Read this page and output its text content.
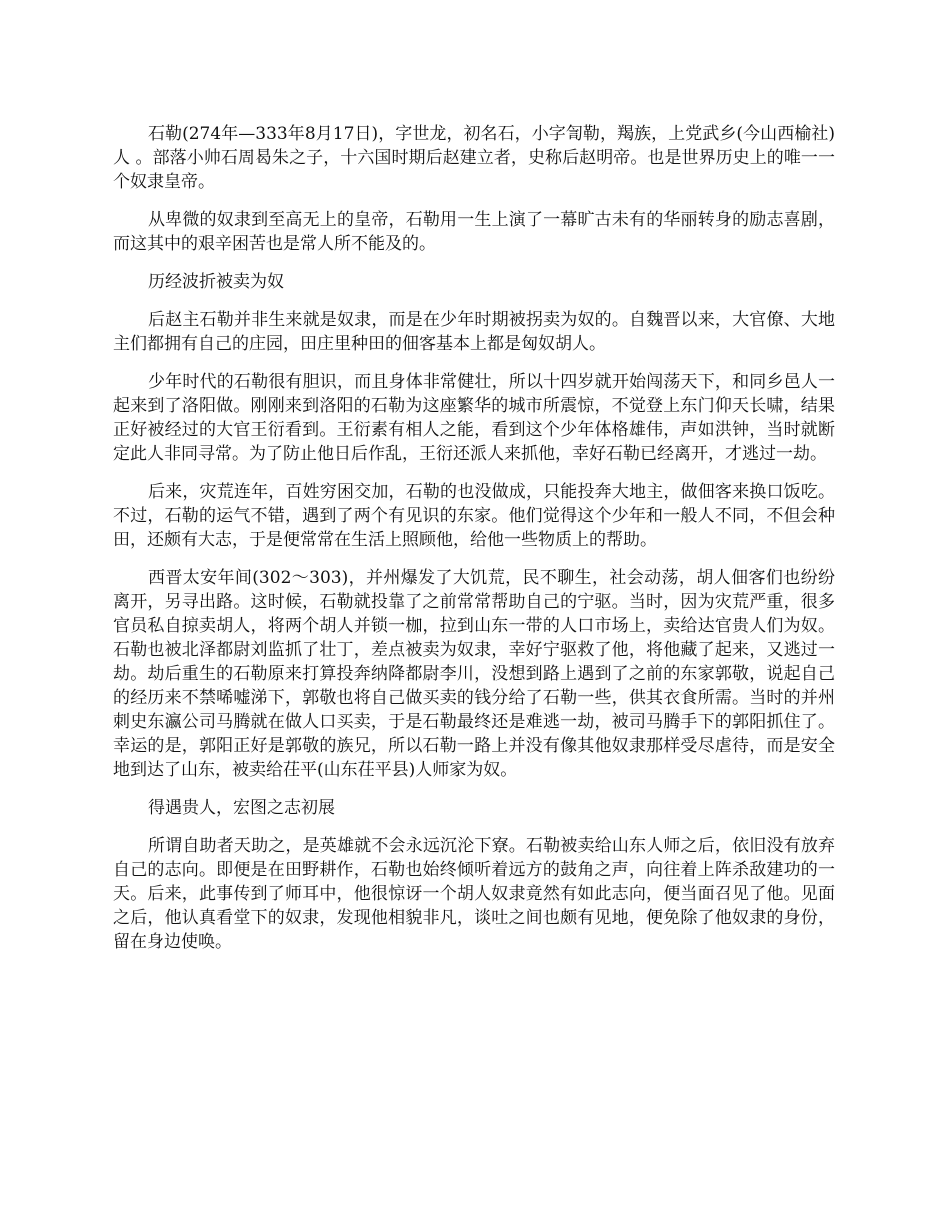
石勒(274年—333年8月17日)，字世龙，初名石，小字訇勒，羯族，上党武乡(今山西榆社)人 。部落小帅石周曷朱之子，十六国时期后赵建立者，史称后赵明帝。也是世界历史上的唯一一个奴隶皇帝。

从卑微的奴隶到至高无上的皇帝，石勒用一生上演了一幕旷古未有的华丽转身的励志喜剧，而这其中的艰辛困苦也是常人所不能及的。

历经波折被卖为奴

后赵主石勒并非生来就是奴隶，而是在少年时期被拐卖为奴的。自魏晋以来，大官僚、大地主们都拥有自己的庄园，田庄里种田的佃客基本上都是匈奴胡人。

少年时代的石勒很有胆识，而且身体非常健壮，所以十四岁就开始闯荡天下，和同乡邑人一起来到了洛阳做。刚刚来到洛阳的石勒为这座繁华的城市所震惊，不觉登上东门仰天长啸，结果正好被经过的大官王衍看到。王衍素有相人之能，看到这个少年体格雄伟，声如洪钟，当时就断定此人非同寻常。为了防止他日后作乱，王衍还派人来抓他，幸好石勒已经离开，才逃过一劫。

后来，灾荒连年，百姓穷困交加，石勒的也没做成，只能投奔大地主，做佃客来换口饭吃。不过，石勒的运气不错，遇到了两个有见识的东家。他们觉得这个少年和一般人不同，不但会种田，还颇有大志，于是便常常在生活上照顾他，给他一些物质上的帮助。

西晋太安年间(302～303)，并州爆发了大饥荒，民不聊生，社会动荡，胡人佃客们也纷纷离开，另寻出路。这时候，石勒就投靠了之前常常帮助自己的宁驱。当时，因为灾荒严重，很多官员私自掠卖胡人，将两个胡人并锁一枷，拉到山东一带的人口市场上，卖给达官贵人们为奴。石勒也被北泽都尉刘监抓了壮丁，差点被卖为奴隶，幸好宁驱救了他，将他藏了起来，又逃过一劫。劫后重生的石勒原来打算投奔纳降都尉李川，没想到路上遇到了之前的东家郭敬，说起自己的经历来不禁唏嘘涕下，郭敬也将自己做买卖的钱分给了石勒一些，供其衣食所需。当时的并州刺史东瀛公司马腾就在做人口买卖，于是石勒最终还是难逃一劫，被司马腾手下的郭阳抓住了。幸运的是，郭阳正好是郭敬的族兄，所以石勒一路上并没有像其他奴隶那样受尽虐待，而是安全地到达了山东，被卖给茌平(山东茌平县)人师家为奴。

得遇贵人，宏图之志初展

所谓自助者天助之，是英雄就不会永远沉沦下寮。石勒被卖给山东人师之后，依旧没有放弃自己的志向。即便是在田野耕作，石勒也始终倾听着远方的鼓角之声，向往着上阵杀敌建功的一天。后来，此事传到了师耳中，他很惊讶一个胡人奴隶竟然有如此志向，便当面召见了他。见面之后，他认真看堂下的奴隶，发现他相貌非凡，谈吐之间也颇有见地，便免除了他奴隶的身份，留在身边使唤。
